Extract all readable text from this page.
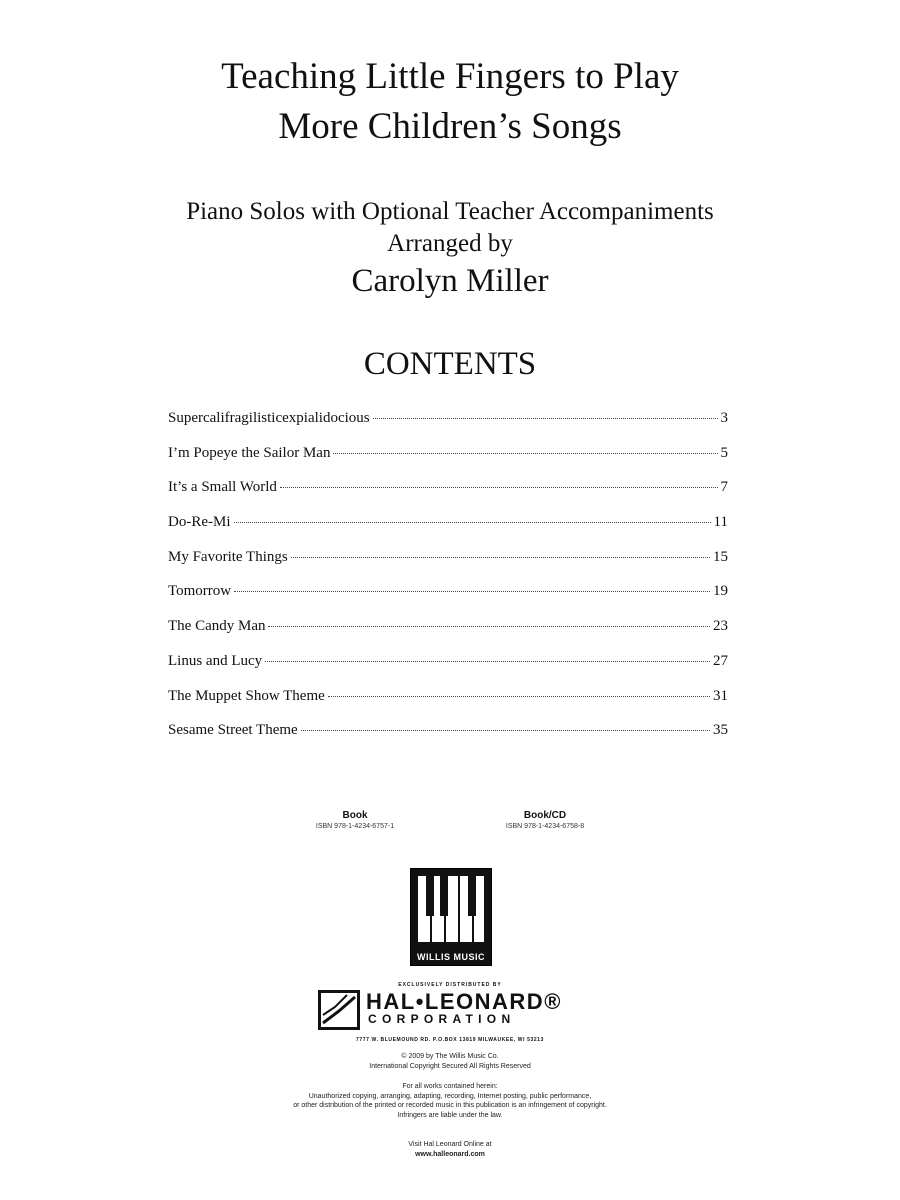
Teaching Little Fingers to Play

More Children’s Songs

Piano Solos with Optional Teacher Accompaniments

Arranged by

Carolyn Miller

CONTENTS
Supercalifragilisticexpialidocious	3
I’m Popeye the Sailor Man	5
It’s a Small World	7
Do-Re-Mi	11
My Favorite Things	15
Tomorrow	19
The Candy Man	23
Linus and Lucy	27
The Muppet Show Theme	31
Sesame Street Theme	35
Book
ISBN 978-1-4234-6757-1
Book/CD
ISBN 978-1-4234-6758-8
WILLIS MUSIC
EXCLUSIVELY DISTRIBUTED BY
HAL•LEONARD®
CORPORATION
7777 W. BLUEMOUND RD. P.O.BOX 13819 MILWAUKEE, WI 53213

© 2009 by The Willis Music Co.

International Copyright Secured All Rights Reserved

For all works contained herein:

Unauthorized copying, arranging, adapting, recording, Internet posting, public performance,

or other distribution of the printed or recorded music in this publication is an infringement of copyright.

Infringers are liable under the law.

Visit Hal Leonard Online at

www.halleonard.com
